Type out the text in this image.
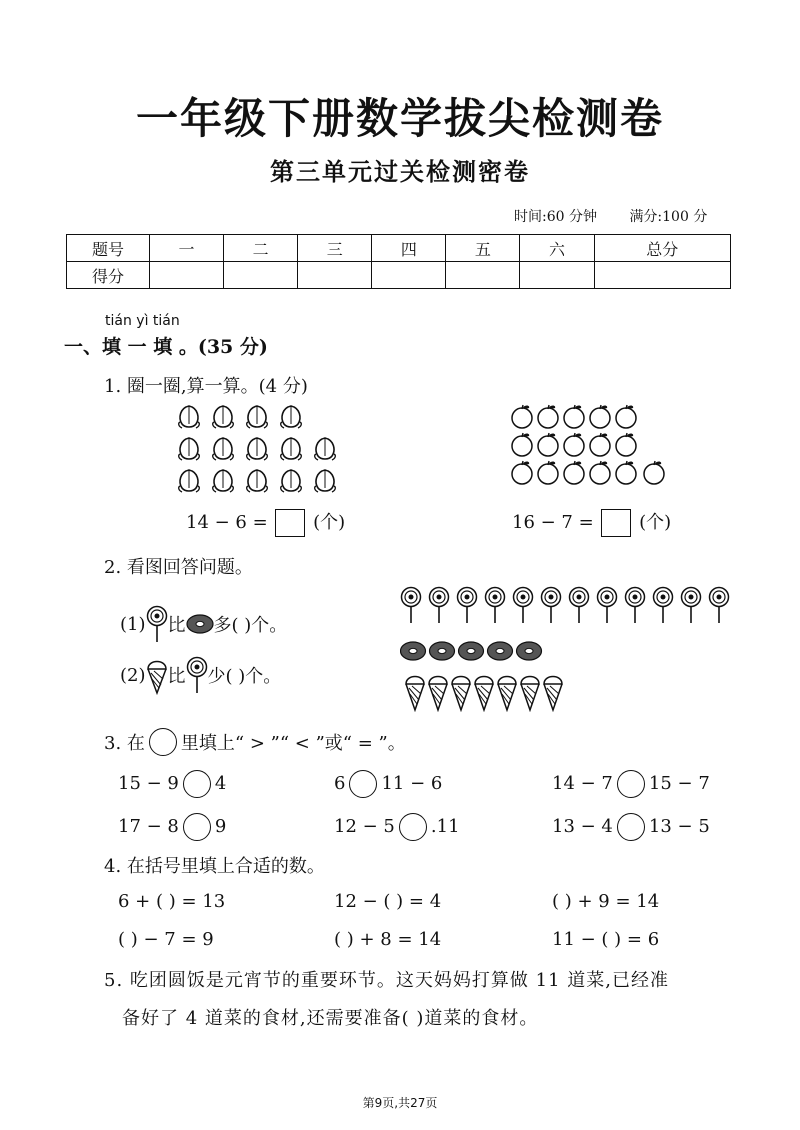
一年级下册数学拔尖检测卷
第三单元过关检测密卷
时间:60 分钟 满分:100 分
题号	一	二	三	四	五	六	总分
得分							
tián yì tián
一、填 一 填 。(35 分)
1. 圈一圈,算一算。(4 分)
14 − 6 =	(个)	16 − 7 =	(个)
2. 看图回答问题。
(1) 比 多( )个。
(2) 比 少( )个。
3. 在 里填上“ > ”“ < ”或“ = ”。
15 − 9 4	6 11 − 6	14 − 7 15 − 7
17 − 8 9	12 − 5 .11	13 − 4 13 − 5
4. 在括号里填上合适的数。
6 + ( ) = 13	12 − ( ) = 4	( ) + 9 = 14
( ) − 7 = 9	( ) + 8 = 14	11 − ( ) = 6
5. 吃团圆饭是元宵节的重要环节。这天妈妈打算做 11 道菜,已经准
备好了 4 道菜的食材,还需要准备( )道菜的食材。
第9页,共27页
